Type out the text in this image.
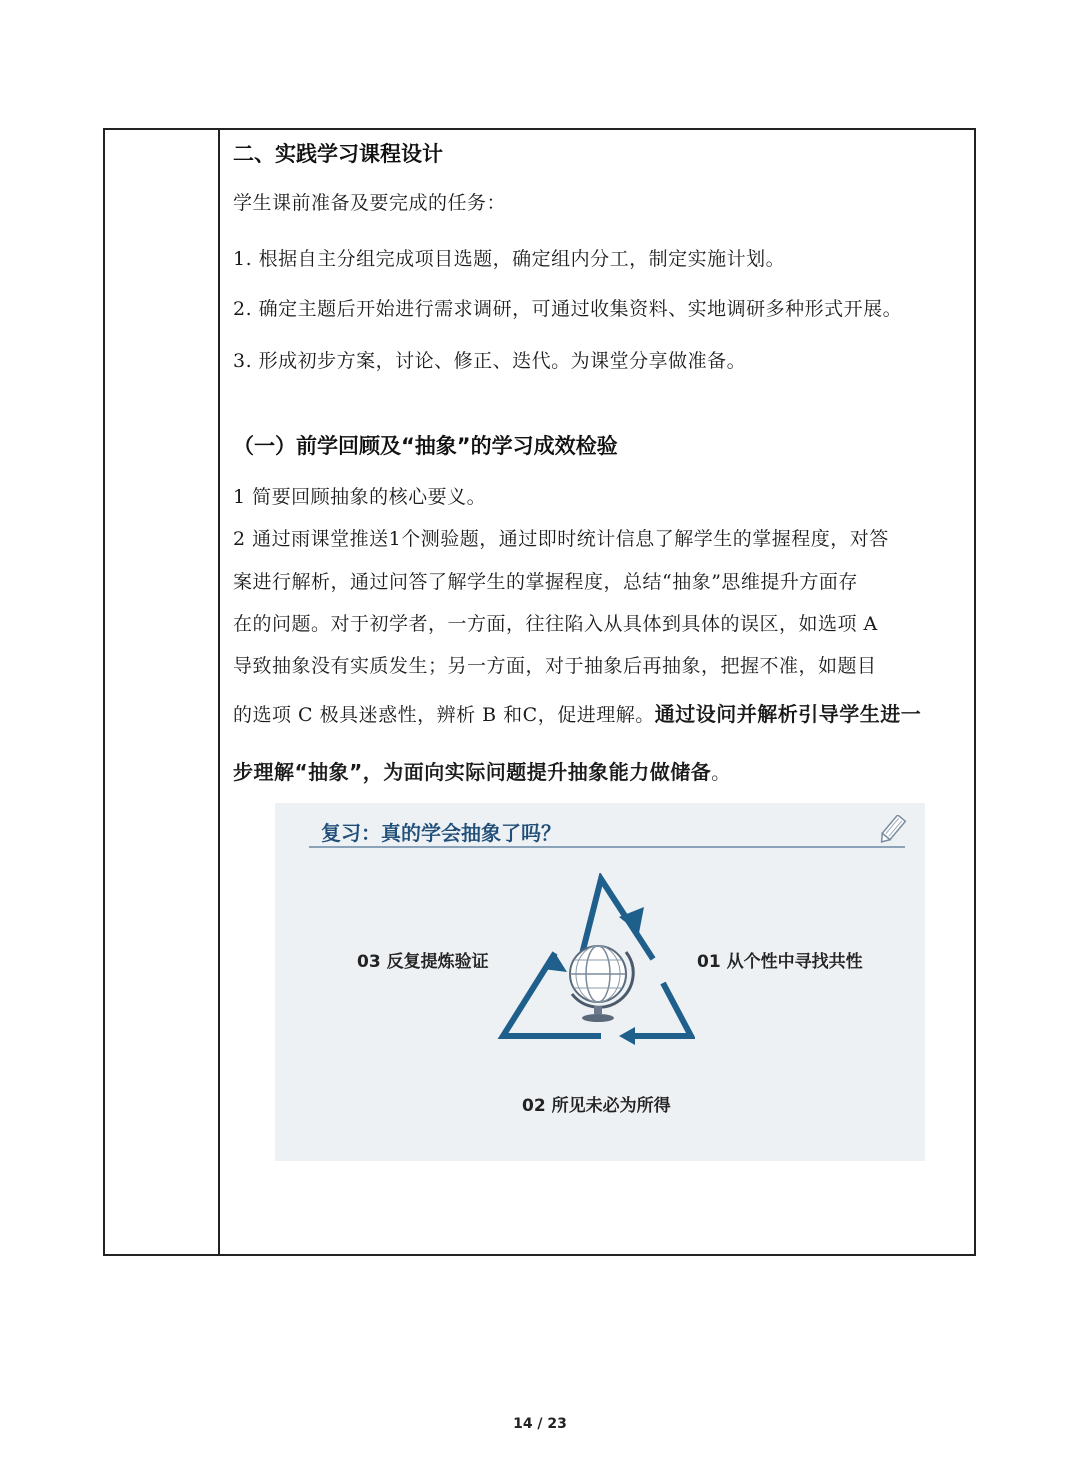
二、实践学习课程设计
学生课前准备及要完成的任务：
1. 根据自主分组完成项目选题，确定组内分工，制定实施计划。
2. 确定主题后开始进行需求调研，可通过收集资料、实地调研多种形式开展。
3. 形成初步方案，讨论、修正、迭代。为课堂分享做准备。
（一）前学回顾及“抽象”的学习成效检验
1 简要回顾抽象的核心要义。
2 通过雨课堂推送1个测验题，通过即时统计信息了解学生的掌握程度，对答
案进行解析，通过问答了解学生的掌握程度，总结“抽象”思维提升方面存
在的问题。对于初学者，一方面，往往陷入从具体到具体的误区，如选项 A
导致抽象没有实质发生；另一方面，对于抽象后再抽象，把握不准，如题目
的选项 C 极具迷惑性，辨析 B 和C，促进理解。通过设问并解析引导学生进一
步理解“抽象”，为面向实际问题提升抽象能力做储备。
复习：真的学会抽象了吗？
03 反复提炼验证	01 从个性中寻找共性
02 所见未必为所得
14 / 23
